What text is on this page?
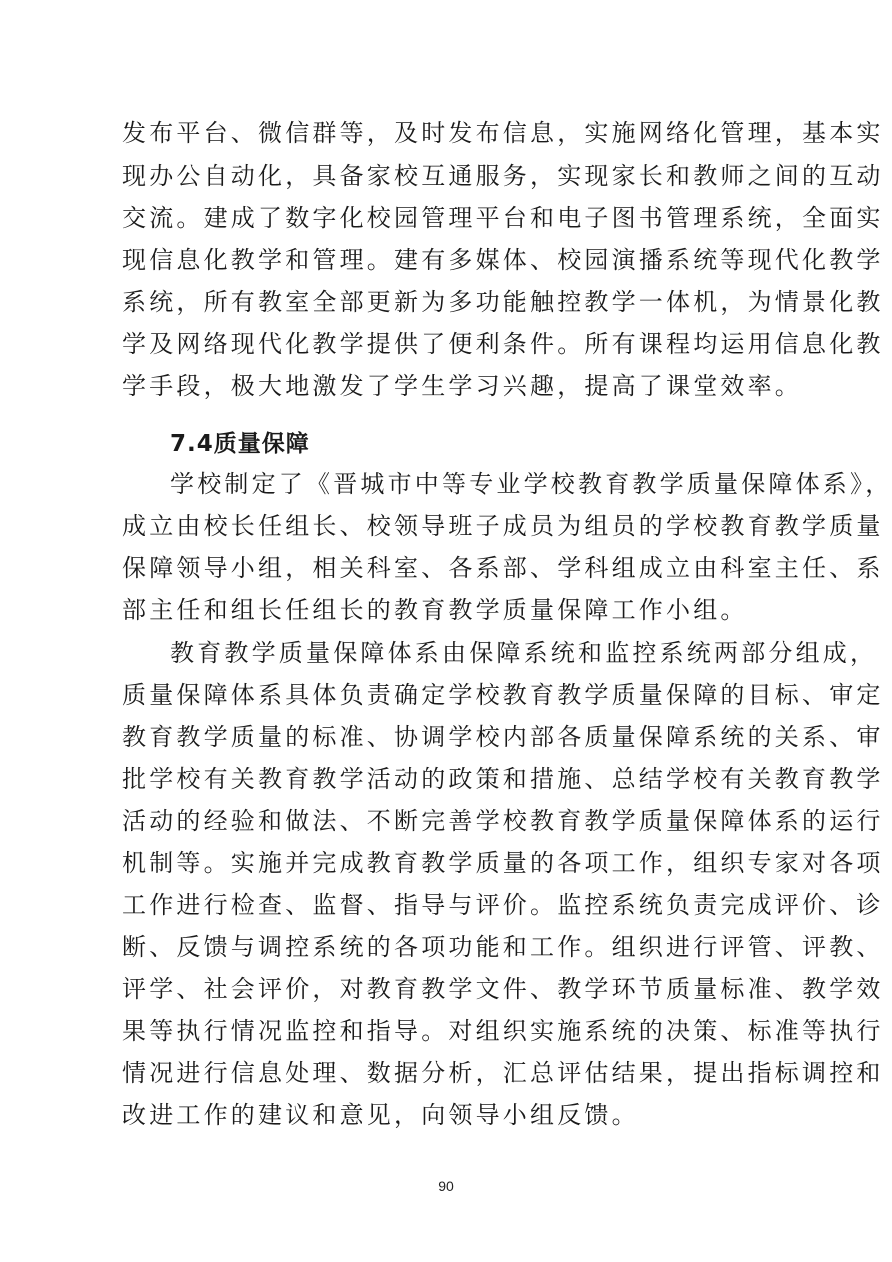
发布平台、微信群等，及时发布信息，实施网络化管理，基本实
现办公自动化，具备家校互通服务，实现家长和教师之间的互动
交流。建成了数字化校园管理平台和电子图书管理系统，全面实
现信息化教学和管理。建有多媒体、校园演播系统等现代化教学
系统，所有教室全部更新为多功能触控教学一体机，为情景化教
学及网络现代化教学提供了便利条件。所有课程均运用信息化教
学手段，极大地激发了学生学习兴趣，提高了课堂效率。
7.4质量保障
学校制定了《晋城市中等专业学校教育教学质量保障体系》，
成立由校长任组长、校领导班子成员为组员的学校教育教学质量
保障领导小组，相关科室、各系部、学科组成立由科室主任、系
部主任和组长任组长的教育教学质量保障工作小组。
教育教学质量保障体系由保障系统和监控系统两部分组成，
质量保障体系具体负责确定学校教育教学质量保障的目标、审定
教育教学质量的标准、协调学校内部各质量保障系统的关系、审
批学校有关教育教学活动的政策和措施、总结学校有关教育教学
活动的经验和做法、不断完善学校教育教学质量保障体系的运行
机制等。实施并完成教育教学质量的各项工作，组织专家对各项
工作进行检查、监督、指导与评价。监控系统负责完成评价、诊
断、反馈与调控系统的各项功能和工作。组织进行评管、评教、
评学、社会评价，对教育教学文件、教学环节质量标准、教学效
果等执行情况监控和指导。对组织实施系统的决策、标准等执行
情况进行信息处理、数据分析，汇总评估结果，提出指标调控和
改进工作的建议和意见，向领导小组反馈。
90
